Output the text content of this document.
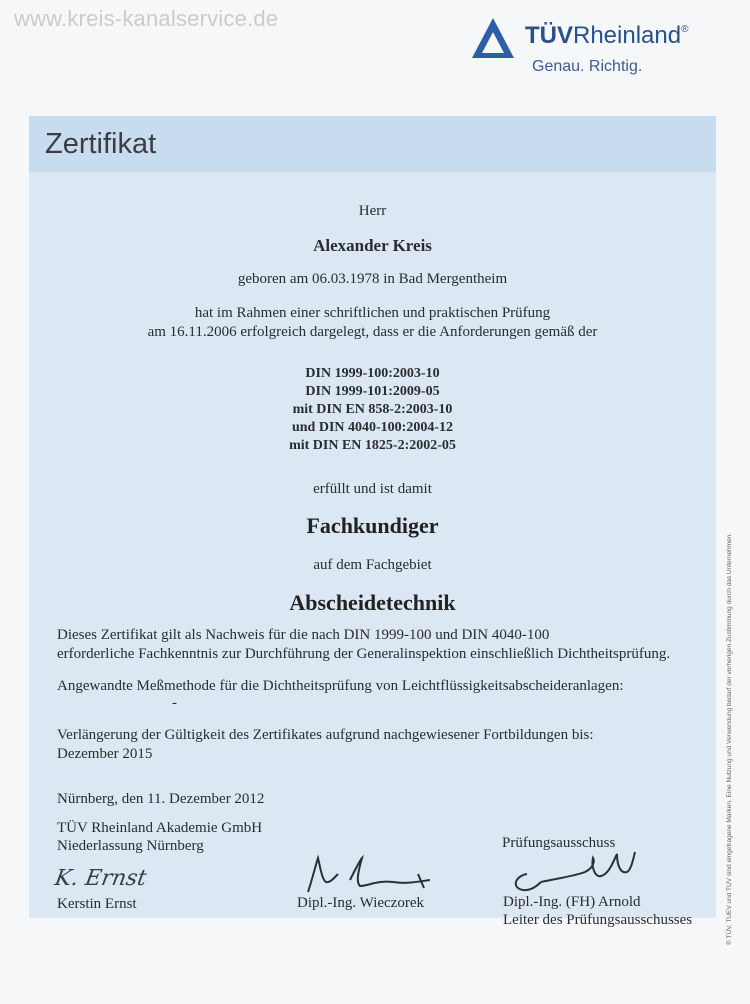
www.kreis-kanalservice.de
TÜVRheinland®
Genau. Richtig.
Zertifikat
Herr
Alexander Kreis
geboren am 06.03.1978 in Bad Mergentheim
hat im Rahmen einer schriftlichen und praktischen Prüfung
am 16.11.2006 erfolgreich dargelegt, dass er die Anforderungen gemäß der
DIN 1999-100:2003-10
DIN 1999-101:2009-05
mit DIN EN 858-2:2003-10
und DIN 4040-100:2004-12
mit DIN EN 1825-2:2002-05
erfüllt und ist damit
Fachkundiger
auf dem Fachgebiet
Abscheidetechnik
Dieses Zertifikat gilt als Nachweis für die nach DIN 1999-100 und DIN 4040-100
erforderliche Fachkenntnis zur Durchführung der Generalinspektion einschließlich Dichtheitsprüfung.
Angewandte Meßmethode für die Dichtheitsprüfung von Leichtflüssigkeitsabscheideranlagen:
-
Verlängerung der Gültigkeit des Zertifikates aufgrund nachgewiesener Fortbildungen bis:
Dezember 2015
Nürnberg, den 11. Dezember 2012
TÜV Rheinland Akademie GmbH
Niederlassung Nürnberg	Prüfungsausschuss
K. Ernst
Kerstin Ernst	Dipl.-Ing. Wieczorek	Dipl.-Ing. (FH) Arnold
Leiter des Prüfungsausschusses	® TÜV, TUEV und TUV sind eingetragene Marken. Eine Nutzung und Verwendung bedarf der vorherigen Zustimmung durch das Unternehmen.
